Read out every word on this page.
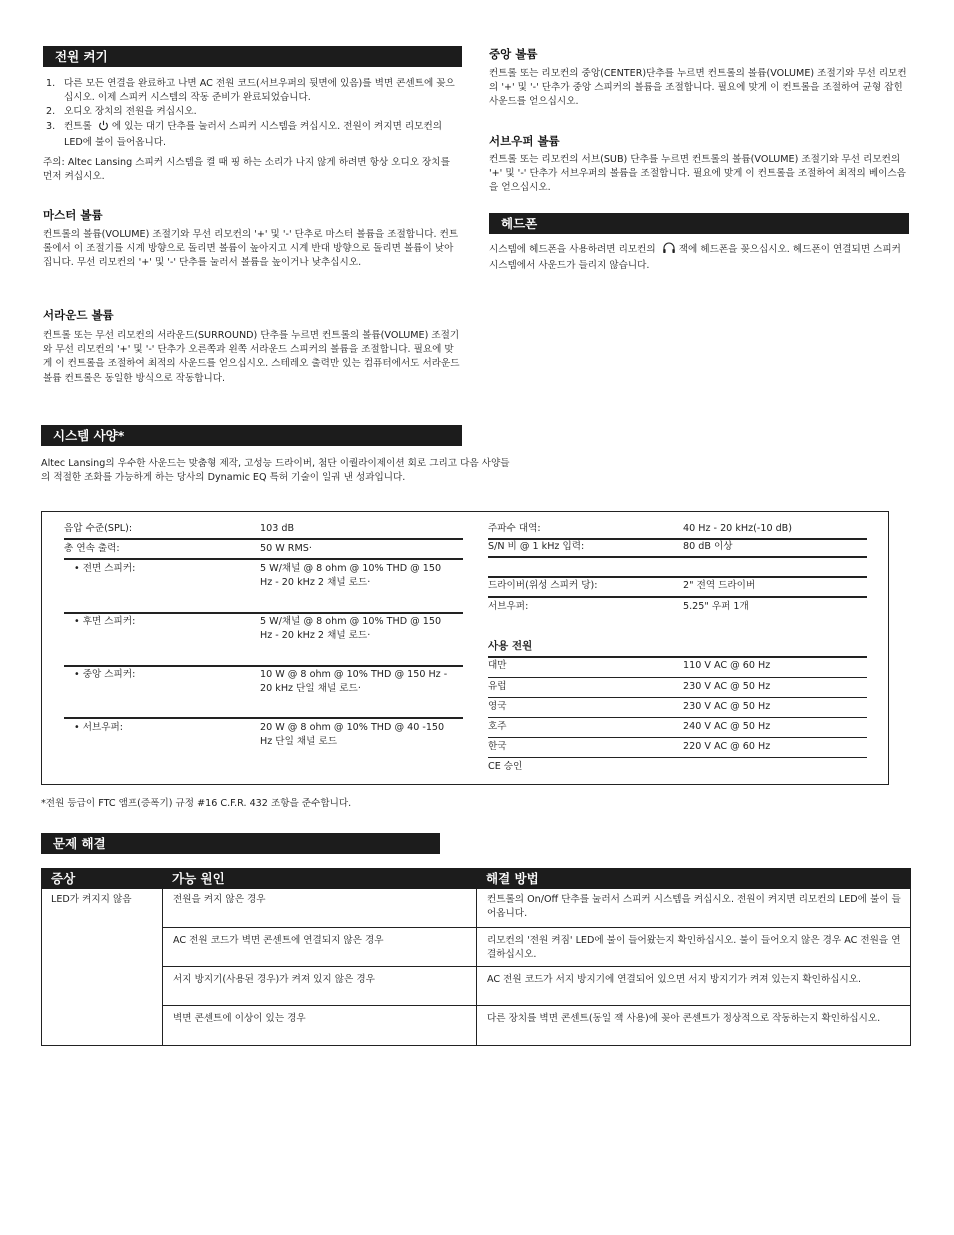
전원 켜기
1. 다른 모든 연결을 완료하고 나면 AC 전원 코드(서브우퍼의 뒷면에 있음)를 벽면 콘센트에 꽂으십시오. 이제 스피커 시스템의 작동 준비가 완료되었습니다.
2. 오디오 장치의 전원을 켜십시오.
3. 컨트롤 에 있는 대기 단추를 눌러서 스피커 시스템을 켜십시오. 전원이 켜지면 리모컨의 LED에 불이 들어옵니다.

주의: Altec Lansing 스피커 시스템을 켤 때 핑 하는 소리가 나지 않게 하려면 항상 오디오 장치를 먼저 켜십시오.

마스터 볼륨

컨트롤의 볼륨(VOLUME) 조절기와 무선 리모컨의 '+' 및 '-' 단추로 마스터 볼륨을 조절합니다. 컨트롤에서 이 조절기를 시계 방향으로 돌리면 볼륨이 높아지고 시계 반대 방향으로 돌리면 볼륨이 낮아집니다. 무선 리모컨의 '+' 및 '-' 단추를 눌러서 볼륨을 높이거나 낮추십시오.

서라운드 볼륨

컨트롤 또는 무선 리모컨의 서라운드(SURROUND) 단추를 누르면 컨트롤의 볼륨(VOLUME) 조절기와 무선 리모컨의 '+' 및 '-' 단추가 오른쪽과 왼쪽 서라운드 스피커의 볼륨을 조절합니다. 필요에 맞게 이 컨트롤을 조절하여 최적의 사운드를 얻으십시오. 스테레오 출력만 있는 컴퓨터에서도 서라운드 볼륨 컨트롤은 동일한 방식으로 작동합니다.

시스템 사양*

Altec Lansing의 우수한 사운드는 맞춤형 제작, 고성능 드라이버, 첨단 이퀄라이제이션 회로 그리고 다음 사양들의 적절한 조화를 가능하게 하는 당사의 Dynamic EQ 특허 기술이 일궈 낸 성과입니다.

중앙 볼륨

컨트롤 또는 리모컨의 중앙(CENTER)단추를 누르면 컨트롤의 볼륨(VOLUME) 조절기와 무선 리모컨의 '+' 및 '-' 단추가 중앙 스피커의 볼륨을 조절합니다. 필요에 맞게 이 컨트롤을 조절하여 균형 잡힌 사운드를 얻으십시오.

서브우퍼 볼륨

컨트롤 또는 리모컨의 서브(SUB) 단추를 누르면 컨트롤의 볼륨(VOLUME) 조절기와 무선 리모컨의 '+' 및 '-' 단추가 서브우퍼의 볼륨을 조절합니다. 필요에 맞게 이 컨트롤을 조절하여 최적의 베이스음을 얻으십시오.

헤드폰

시스템에 헤드폰을 사용하려면 리모컨의 잭에 헤드폰을 꽂으십시오. 헤드폰이 연결되면 스피커 시스템에서 사운드가 들리지 않습니다.

음압 수준(SPL):	103 dB
총 연속 출력:	50 W RMS·
• 전면 스피커:	5 W/채널 @ 8 ohm @ 10% THD @ 150 Hz - 20 kHz 2 채널 로드·
• 후면 스피커:	5 W/채널 @ 8 ohm @ 10% THD @ 150 Hz - 20 kHz 2 채널 로드·
• 중앙 스피커:	10 W @ 8 ohm @ 10% THD @ 150 Hz - 20 kHz 단일 채널 로드·
• 서브우퍼:	20 W @ 8 ohm @ 10% THD @ 40 -150 Hz 단일 채널 로드
주파수 대역:	40 Hz - 20 kHz(-10 dB)
S/N 비 @ 1 kHz 입력:	80 dB 이상
드라이버(위성 스피커 당):	2" 전역 드라이버
서브우퍼:	5.25" 우퍼 1개
사용 전원
대만	110 V AC @ 60 Hz
유럽	230 V AC @ 50 Hz
영국	230 V AC @ 50 Hz
호주	240 V AC @ 50 Hz
한국	220 V AC @ 60 Hz
CE 승인
*전원 등급이 FTC 앰프(증폭기) 규정 #16 C.F.R. 432 조항을 준수합니다.
문제 해결
증상	가능 원인	해결 방법
LED가 켜지지 않음	전원을 켜지 않은 경우	컨트롤의 On/Off 단추를 눌러서 스피커 시스템을 켜십시오. 전원이 켜지면 리모컨의 LED에 불이 들어옵니다.
AC 전원 코드가 벽면 콘센트에 연결되지 않은 경우	리모컨의 '전원 켜짐' LED에 불이 들어왔는지 확인하십시오. 불이 들어오지 않은 경우 AC 전원을 연결하십시오.
서지 방지기(사용된 경우)가 켜져 있지 않은 경우	AC 전원 코드가 서지 방지기에 연결되어 있으면 서지 방지기가 켜져 있는지 확인하십시오.
벽면 콘센트에 이상이 있는 경우	다른 장치를 벽면 콘센트(동일 잭 사용)에 꽂아 콘센트가 정상적으로 작동하는지 확인하십시오.
